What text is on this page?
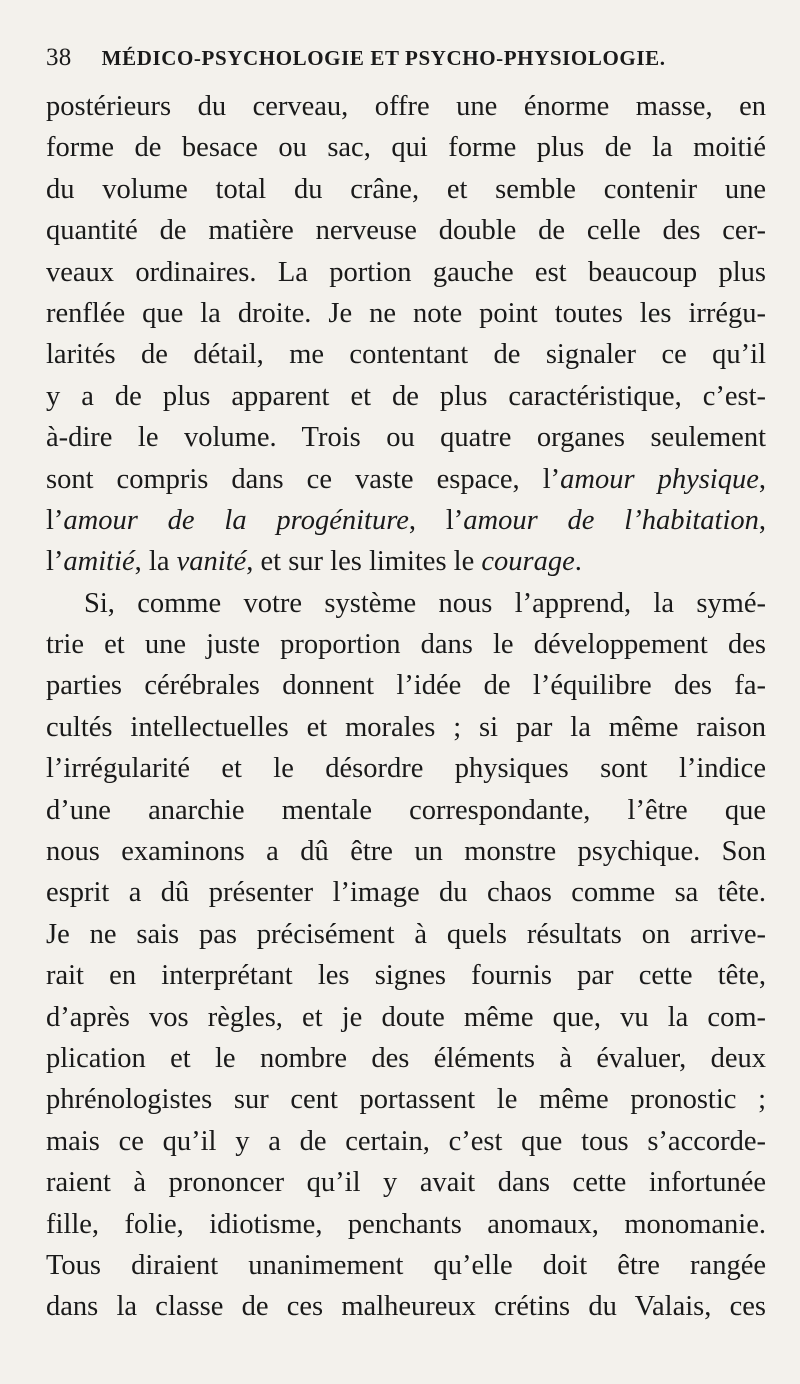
38 MÉDICO-PSYCHOLOGIE ET PSYCHO-PHYSIOLOGIE.
postérieurs du cerveau, offre une énorme masse, en
forme de besace ou sac, qui forme plus de la moitié
du volume total du crâne, et semble contenir une
quantité de matière nerveuse double de celle des cer-
veaux ordinaires. La portion gauche est beaucoup plus
renflée que la droite. Je ne note point toutes les irrégu-
larités de détail, me contentant de signaler ce qu’il
y a de plus apparent et de plus caractéristique, c’est-
à-dire le volume. Trois ou quatre organes seulement
sont compris dans ce vaste espace, l’amour physique,
l’amour de la progéniture, l’amour de l’habitation,
l’amitié, la vanité, et sur les limites le courage.
Si, comme votre système nous l’apprend, la symé-
trie et une juste proportion dans le développement des
parties cérébrales donnent l’idée de l’équilibre des fa-
cultés intellectuelles et morales ; si par la même raison
l’irrégularité et le désordre physiques sont l’indice
d’une anarchie mentale correspondante, l’être que
nous examinons a dû être un monstre psychique. Son
esprit a dû présenter l’image du chaos comme sa tête.
Je ne sais pas précisément à quels résultats on arrive-
rait en interprétant les signes fournis par cette tête,
d’après vos règles, et je doute même que, vu la com-
plication et le nombre des éléments à évaluer, deux
phrénologistes sur cent portassent le même pronostic ;
mais ce qu’il y a de certain, c’est que tous s’accorde-
raient à prononcer qu’il y avait dans cette infortunée
fille, folie, idiotisme, penchants anomaux, monomanie.
Tous diraient unanimement qu’elle doit être rangée
dans la classe de ces malheureux crétins du Valais, ces
